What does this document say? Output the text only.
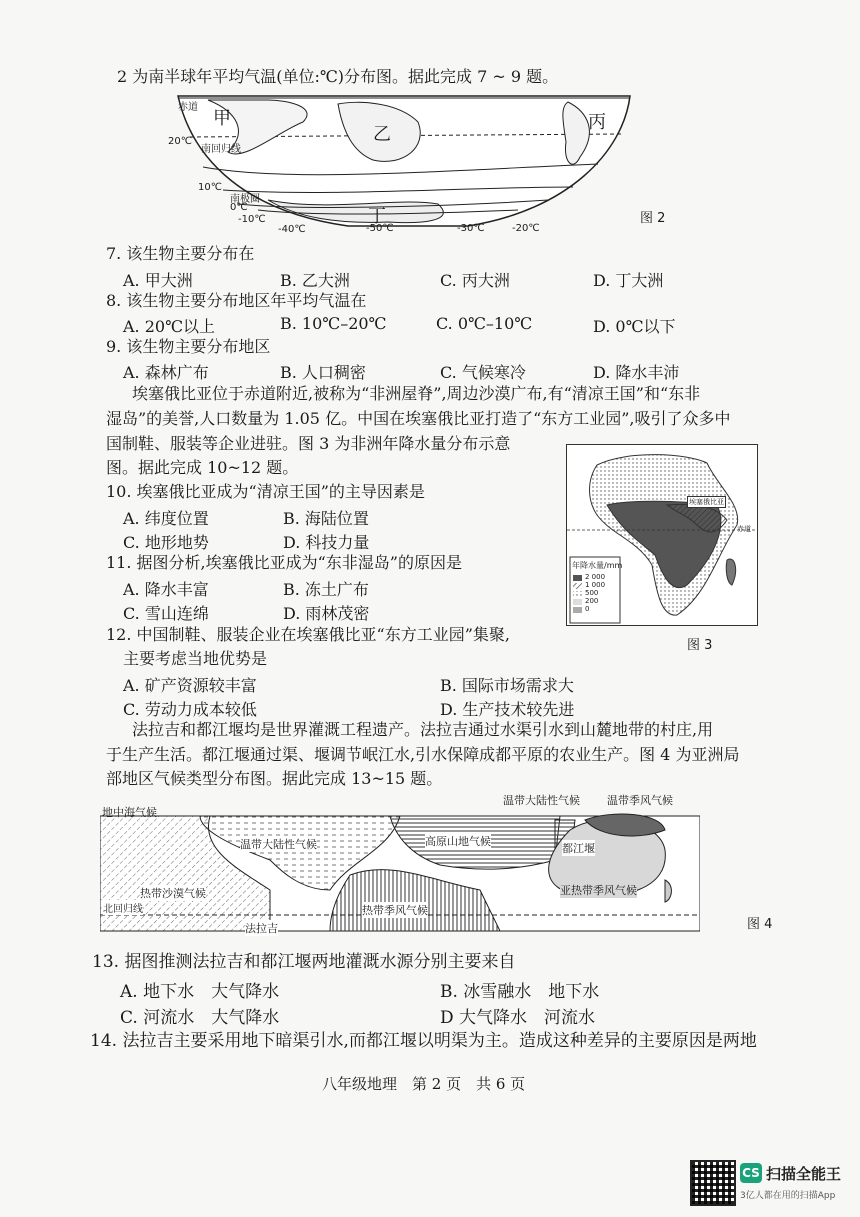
2 为南半球年平均气温(单位:℃)分布图。据此完成 7 ~ 9 题。
赤道
20℃
南回归线
10℃
南极圈
0℃
-10℃
-40℃	-50℃	-30℃	-20℃
甲
乙
丙
丁	图 2
7. 该生物主要分布在
A. 甲大洲	B. 乙大洲	C. 丙大洲	D. 丁大洲
8. 该生物主要分布地区年平均气温在
A. 20℃以上	B. 10℃–20℃	C. 0℃–10℃	D. 0℃以下
9. 该生物主要分布地区
A. 森林广布	B. 人口稠密	C. 气候寒冷	D. 降水丰沛
埃塞俄比亚位于赤道附近,被称为“非洲屋脊”,周边沙漠广布,有“清凉王国”和“东非
湿岛”的美誉,人口数量为 1.05 亿。中国在埃塞俄比亚打造了“东方工业园”,吸引了众多中
国制鞋、服装等企业进驻。图 3 为非洲年降水量分布示意
图。据此完成 10~12 题。
赤道
埃塞俄比亚
年降水量/mm
2 000
1 000
500
200
0
图 3
10. 埃塞俄比亚成为“清凉王国”的主导因素是
A. 纬度位置	B. 海陆位置
C. 地形地势	D. 科技力量
11. 据图分析,埃塞俄比亚成为“东非湿岛”的原因是
A. 降水丰富	B. 冻土广布
C. 雪山连绵	D. 雨林茂密
12. 中国制鞋、服装企业在埃塞俄比亚“东方工业园”集聚,
主要考虑当地优势是
A. 矿产资源较丰富	B. 国际市场需求大
C. 劳动力成本较低	D. 生产技术较先进
法拉吉和都江堰均是世界灌溉工程遗产。法拉吉通过水渠引水到山麓地带的村庄,用
于生产生活。都江堰通过渠、堰调节岷江水,引水保障成都平原的农业生产。图 4 为亚洲局
部地区气候类型分布图。据此完成 13~15 题。
地中海气候
温带大陆性气候 温带季风气候
温带大陆性气候	高原山地气候
都江堰
热带沙漠气候	亚热带季风气候
北回归线	热带季风气候
法拉吉	图 4
13. 据图推测法拉吉和都江堰两地灌溉水源分别主要来自
A. 地下水　大气降水	B. 冰雪融水　地下水
C. 河流水　大气降水	D 大气降水　河流水
14. 法拉吉主要采用地下暗渠引水,而都江堰以明渠为主。造成这种差异的主要原因是两地
八年级地理　第 2 页　共 6 页
CS 扫描全能王
3亿人都在用的扫描App
